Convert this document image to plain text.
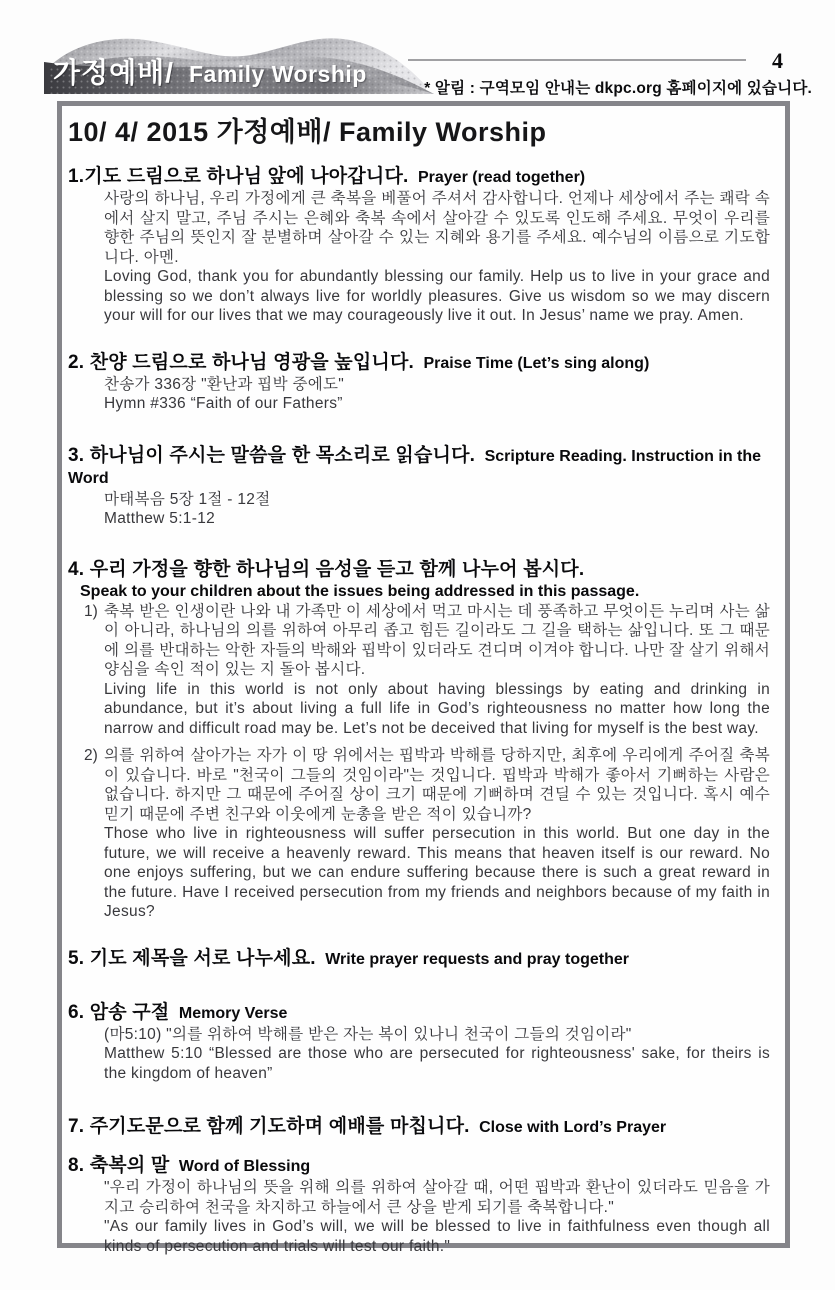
가정예배/ Family Worship
4
* 알림 : 구역모임 안내는 dkpc.org 홈페이지에 있습니다.
10/ 4/ 2015 가정예배/ Family Worship
1.기도 드림으로 하나님 앞에 나아갑니다. Prayer (read together)

사랑의 하나님, 우리 가정에게 큰 축복을 베풀어 주셔서 감사합니다. 언제나 세상에서 주는 쾌락 속에서 살지 말고, 주님 주시는 은혜와 축복 속에서 살아갈 수 있도록 인도해 주세요. 무엇이 우리를 향한 주님의 뜻인지 잘 분별하며 살아갈 수 있는 지혜와 용기를 주세요. 예수님의 이름으로 기도합니다. 아멘.

Loving God, thank you for abundantly blessing our family. Help us to live in your grace and blessing so we don’t always live for worldly pleasures. Give us wisdom so we may discern your will for our lives that we may courageously live it out. In Jesus’ name we pray. Amen.

2. 찬양 드림으로 하나님 영광을 높입니다. Praise Time (Let’s sing along)
찬송가 336장 "환난과 핍박 중에도"
Hymn #336 “Faith of our Fathers”
3. 하나님이 주시는 말씀을 한 목소리로 읽습니다. Scripture Reading. Instruction in the Word
마태복음 5장 1절 - 12절
Matthew 5:1-12
4. 우리 가정을 향한 하나님의 음성을 듣고 함께 나누어 봅시다.
Speak to your children about the issues being addressed in this passage.
1) 축복 받은 인생이란 나와 내 가족만 이 세상에서 먹고 마시는 데 풍족하고 무엇이든 누리며 사는 삶이 아니라, 하나님의 의를 위하여 아무리 좁고 힘든 길이라도 그 길을 택하는 삶입니다. 또 그 때문에 의를 반대하는 악한 자들의 박해와 핍박이 있더라도 견디며 이겨야 합니다. 나만 잘 살기 위해서 양심을 속인 적이 있는 지 돌아 봅시다.

Living life in this world is not only about having blessings by eating and drinking in abundance, but it’s about living a full life in God’s righteousness no matter how long the narrow and difficult road may be. Let’s not be deceived that living for myself is the best way.

2) 의를 위하여 살아가는 자가 이 땅 위에서는 핍박과 박해를 당하지만, 최후에 우리에게 주어질 축복이 있습니다. 바로 "천국이 그들의 것임이라"는 것입니다. 핍박과 박해가 좋아서 기뻐하는 사람은 없습니다. 하지만 그 때문에 주어질 상이 크기 때문에 기뻐하며 견딜 수 있는 것입니다. 혹시 예수 믿기 때문에 주변 친구와 이웃에게 눈총을 받은 적이 있습니까?

Those who live in righteousness will suffer persecution in this world. But one day in the future, we will receive a heavenly reward. This means that heaven itself is our reward. No one enjoys suffering, but we can endure suffering because there is such a great reward in the future. Have I received persecution from my friends and neighbors because of my faith in Jesus?

5. 기도 제목을 서로 나누세요. Write prayer requests and pray together
6. 암송 구절 Memory Verse
(마5:10) "의를 위하여 박해를 받은 자는 복이 있나니 천국이 그들의 것임이라"
Matthew 5:10 “Blessed are those who are persecuted for righteousness' sake, for theirs is the kingdom of heaven”
7. 주기도문으로 함께 기도하며 예배를 마칩니다. Close with Lord’s Prayer
8. 축복의 말 Word of Blessing

"우리 가정이 하나님의 뜻을 위해 의를 위하여 살아갈 때, 어떤 핍박과 환난이 있더라도 믿음을 가지고 승리하여 천국을 차지하고 하늘에서 큰 상을 받게 되기를 축복합니다."

"As our family lives in God’s will, we will be blessed to live in faithfulness even though all kinds of persecution and trials will test our faith."
